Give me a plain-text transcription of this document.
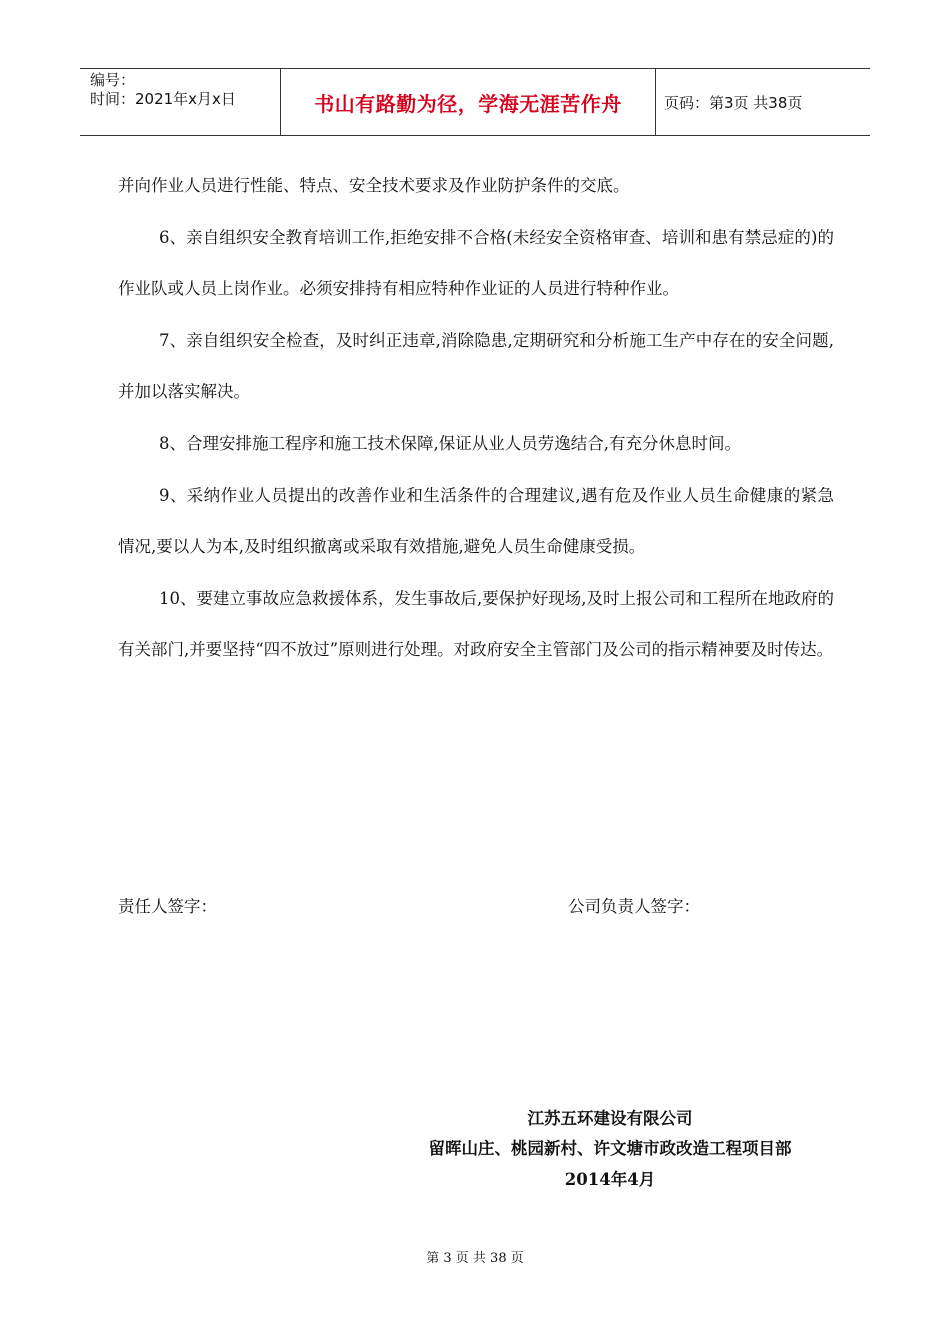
编号：
时间：2021年x月x日	书山有路勤为径，学海无涯苦作舟	页码：第3页 共38页

并向作业人员进行性能、特点、安全技术要求及作业防护条件的交底。

6、亲自组织安全教育培训工作,拒绝安排不合格(未经安全资格审查、培训和患有禁忌症的)的作业队或人员上岗作业。必须安排持有相应特种作业证的人员进行特种作业。

7、亲自组织安全检查，及时纠正违章,消除隐患,定期研究和分析施工生产中存在的安全问题,并加以落实解决。

8、合理安排施工程序和施工技术保障,保证从业人员劳逸结合,有充分休息时间。

9、采纳作业人员提出的改善作业和生活条件的合理建议,遇有危及作业人员生命健康的紧急情况,要以人为本,及时组织撤离或采取有效措施,避免人员生命健康受损。

10、要建立事故应急救援体系，发生事故后,要保护好现场,及时上报公司和工程所在地政府的有关部门,并要坚持“四不放过”原则进行处理。对政府安全主管部门及公司的指示精神要及时传达。

责任人签字：	公司负责人签字：
江苏五环建设有限公司
留晖山庄、桃园新村、许文塘市政改造工程项目部
2014年4月
第 3 页 共 38 页
